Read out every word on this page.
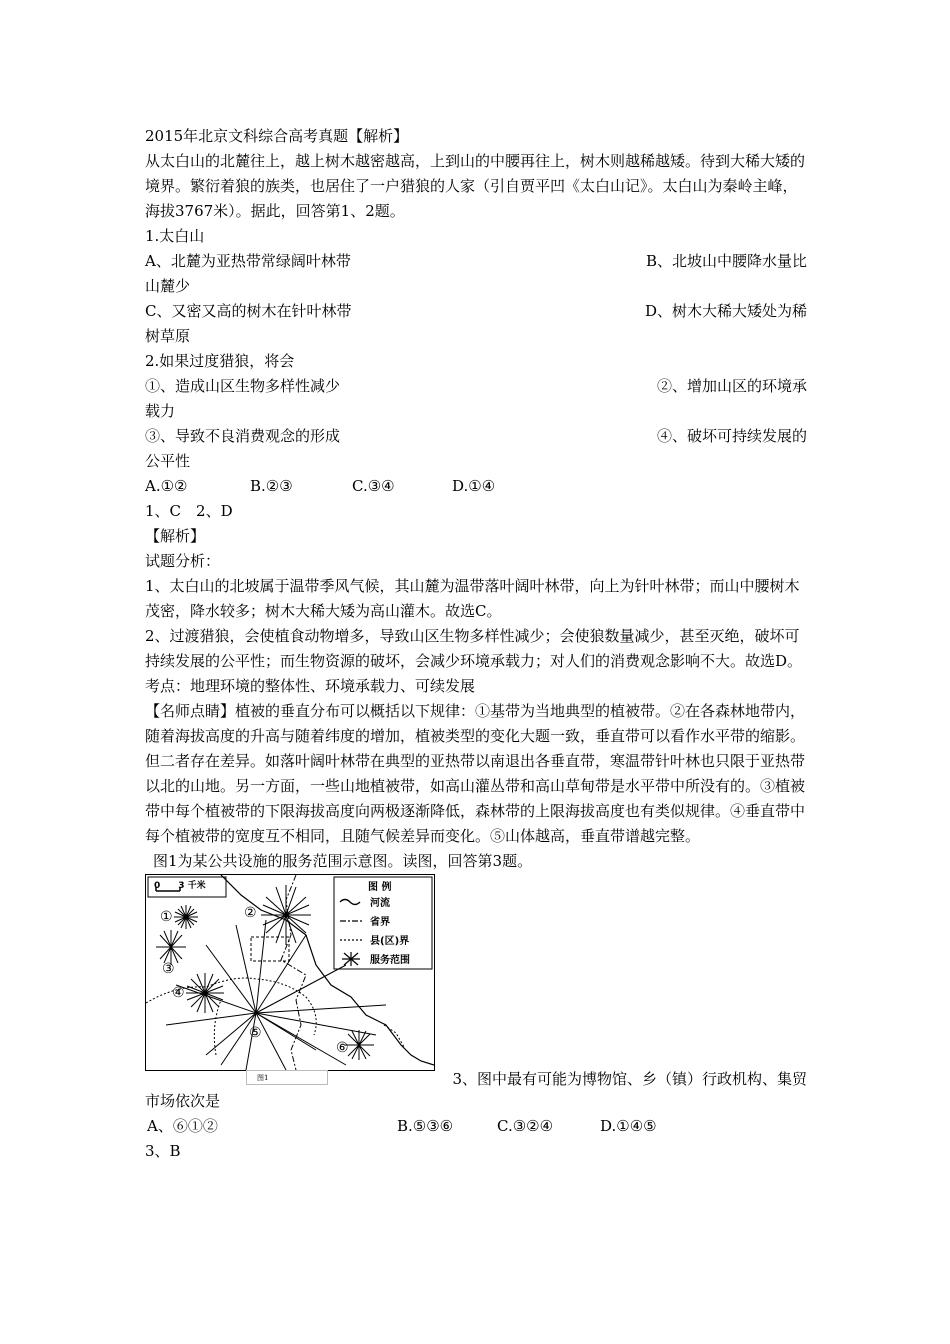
2015年北京文科综合高考真题【解析】
从太白山的北麓往上，越上树木越密越高，上到山的中腰再往上，树木则越稀越矮。待到大稀大矮的境界。繁衍着狼的族类，也居住了一户猎狼的人家（引自贾平凹《太白山记》。太白山为秦岭主峰，海拔3767米）。据此，回答第1、2题。
1.太白山
A、北麓为亚热带常绿阔叶林带	B、北坡山中腰降水量比
山麓少
C、又密又高的树木在针叶林带	D、树木大稀大矮处为稀
树草原
2.如果过度猎狼，将会
①、造成山区生物多样性减少	②、增加山区的环境承
载力
③、导致不良消费观念的形成	④、破坏可持续发展的
公平性
A.①②	B.②③	C.③④	D.①④
1、C　2、D
【解析】
试题分析：
1、太白山的北坡属于温带季风气候，其山麓为温带落叶阔叶林带，向上为针叶林带；而山中腰树木茂密，降水较多；树木大稀大矮为高山灌木。故选C。
2、过渡猎狼，会使植食动物增多，导致山区生物多样性减少；会使狼数量减少，甚至灭绝，破坏可持续发展的公平性；而生物资源的破坏，会减少环境承载力；对人们的消费观念影响不大。故选D。
考点：地理环境的整体性、环境承载力、可续发展
【名师点睛】植被的垂直分布可以概括以下规律：①基带为当地典型的植被带。②在各森林地带内，随着海拔高度的升高与随着纬度的增加，植被类型的变化大题一致，垂直带可以看作水平带的缩影。但二者存在差异。如落叶阔叶林带在典型的亚热带以南退出各垂直带，寒温带针叶林也只限于亚热带以北的山地。另一方面，一些山地植被带，如高山灌丛带和高山草甸带是水平带中所没有的。③植被带中每个植被带的下限海拔高度向两极逐渐降低，森林带的上限海拔高度也有类似规律。④垂直带中每个植被带的宽度互不相同，且随气候差异而变化。⑤山体越高，垂直带谱越完整。
图1为某公共设施的服务范围示意图。读图，回答第3题。
0　　3 千米	图 例
河流
省界
县(区)界
服务范围
①	②
③
④
⑤
⑥
图1	3、图中最有可能为博物馆、乡（镇）行政机构、集贸
市场依次是
A、⑥①②	B.⑤③⑥	C.③②④	D.①④⑤
3、B
